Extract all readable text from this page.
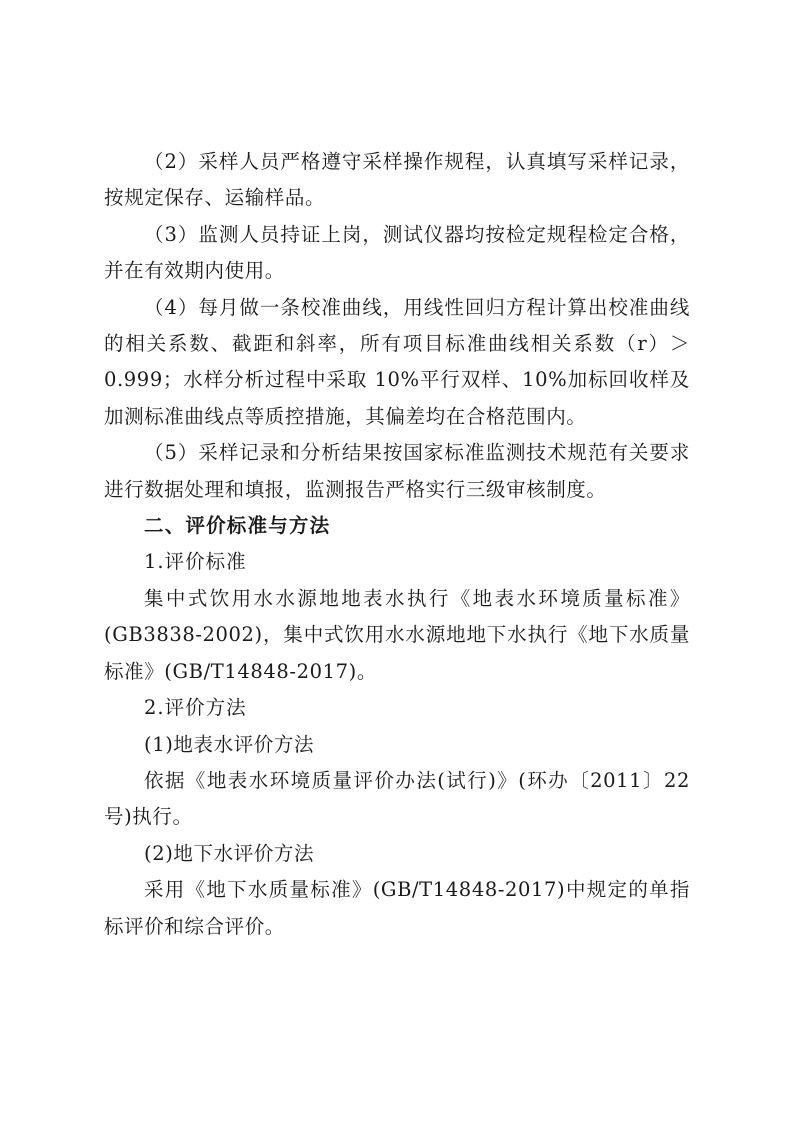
（2）采样人员严格遵守采样操作规程，认真填写采样记录，按规定保存、运输样品。

（3）监测人员持证上岗，测试仪器均按检定规程检定合格，并在有效期内使用。

（4）每月做一条校准曲线，用线性回归方程计算出校准曲线的相关系数、截距和斜率，所有项目标准曲线相关系数（r）＞0.999；水样分析过程中采取 10%平行双样、10%加标回收样及加测标准曲线点等质控措施，其偏差均在合格范围内。

（5）采样记录和分析结果按国家标准监测技术规范有关要求进行数据处理和填报，监测报告严格实行三级审核制度。

二、评价标准与方法

1.评价标准

集中式饮用水水源地地表水执行《地表水环境质量标准》(GB3838-2002)，集中式饮用水水源地地下水执行《地下水质量标准》(GB/T14848-2017)。

2.评价方法

(1)地表水评价方法

依据《地表水环境质量评价办法(试行)》(环办〔2011〕22号)执行。

(2)地下水评价方法

采用《地下水质量标准》(GB/T14848-2017)中规定的单指标评价和综合评价。
